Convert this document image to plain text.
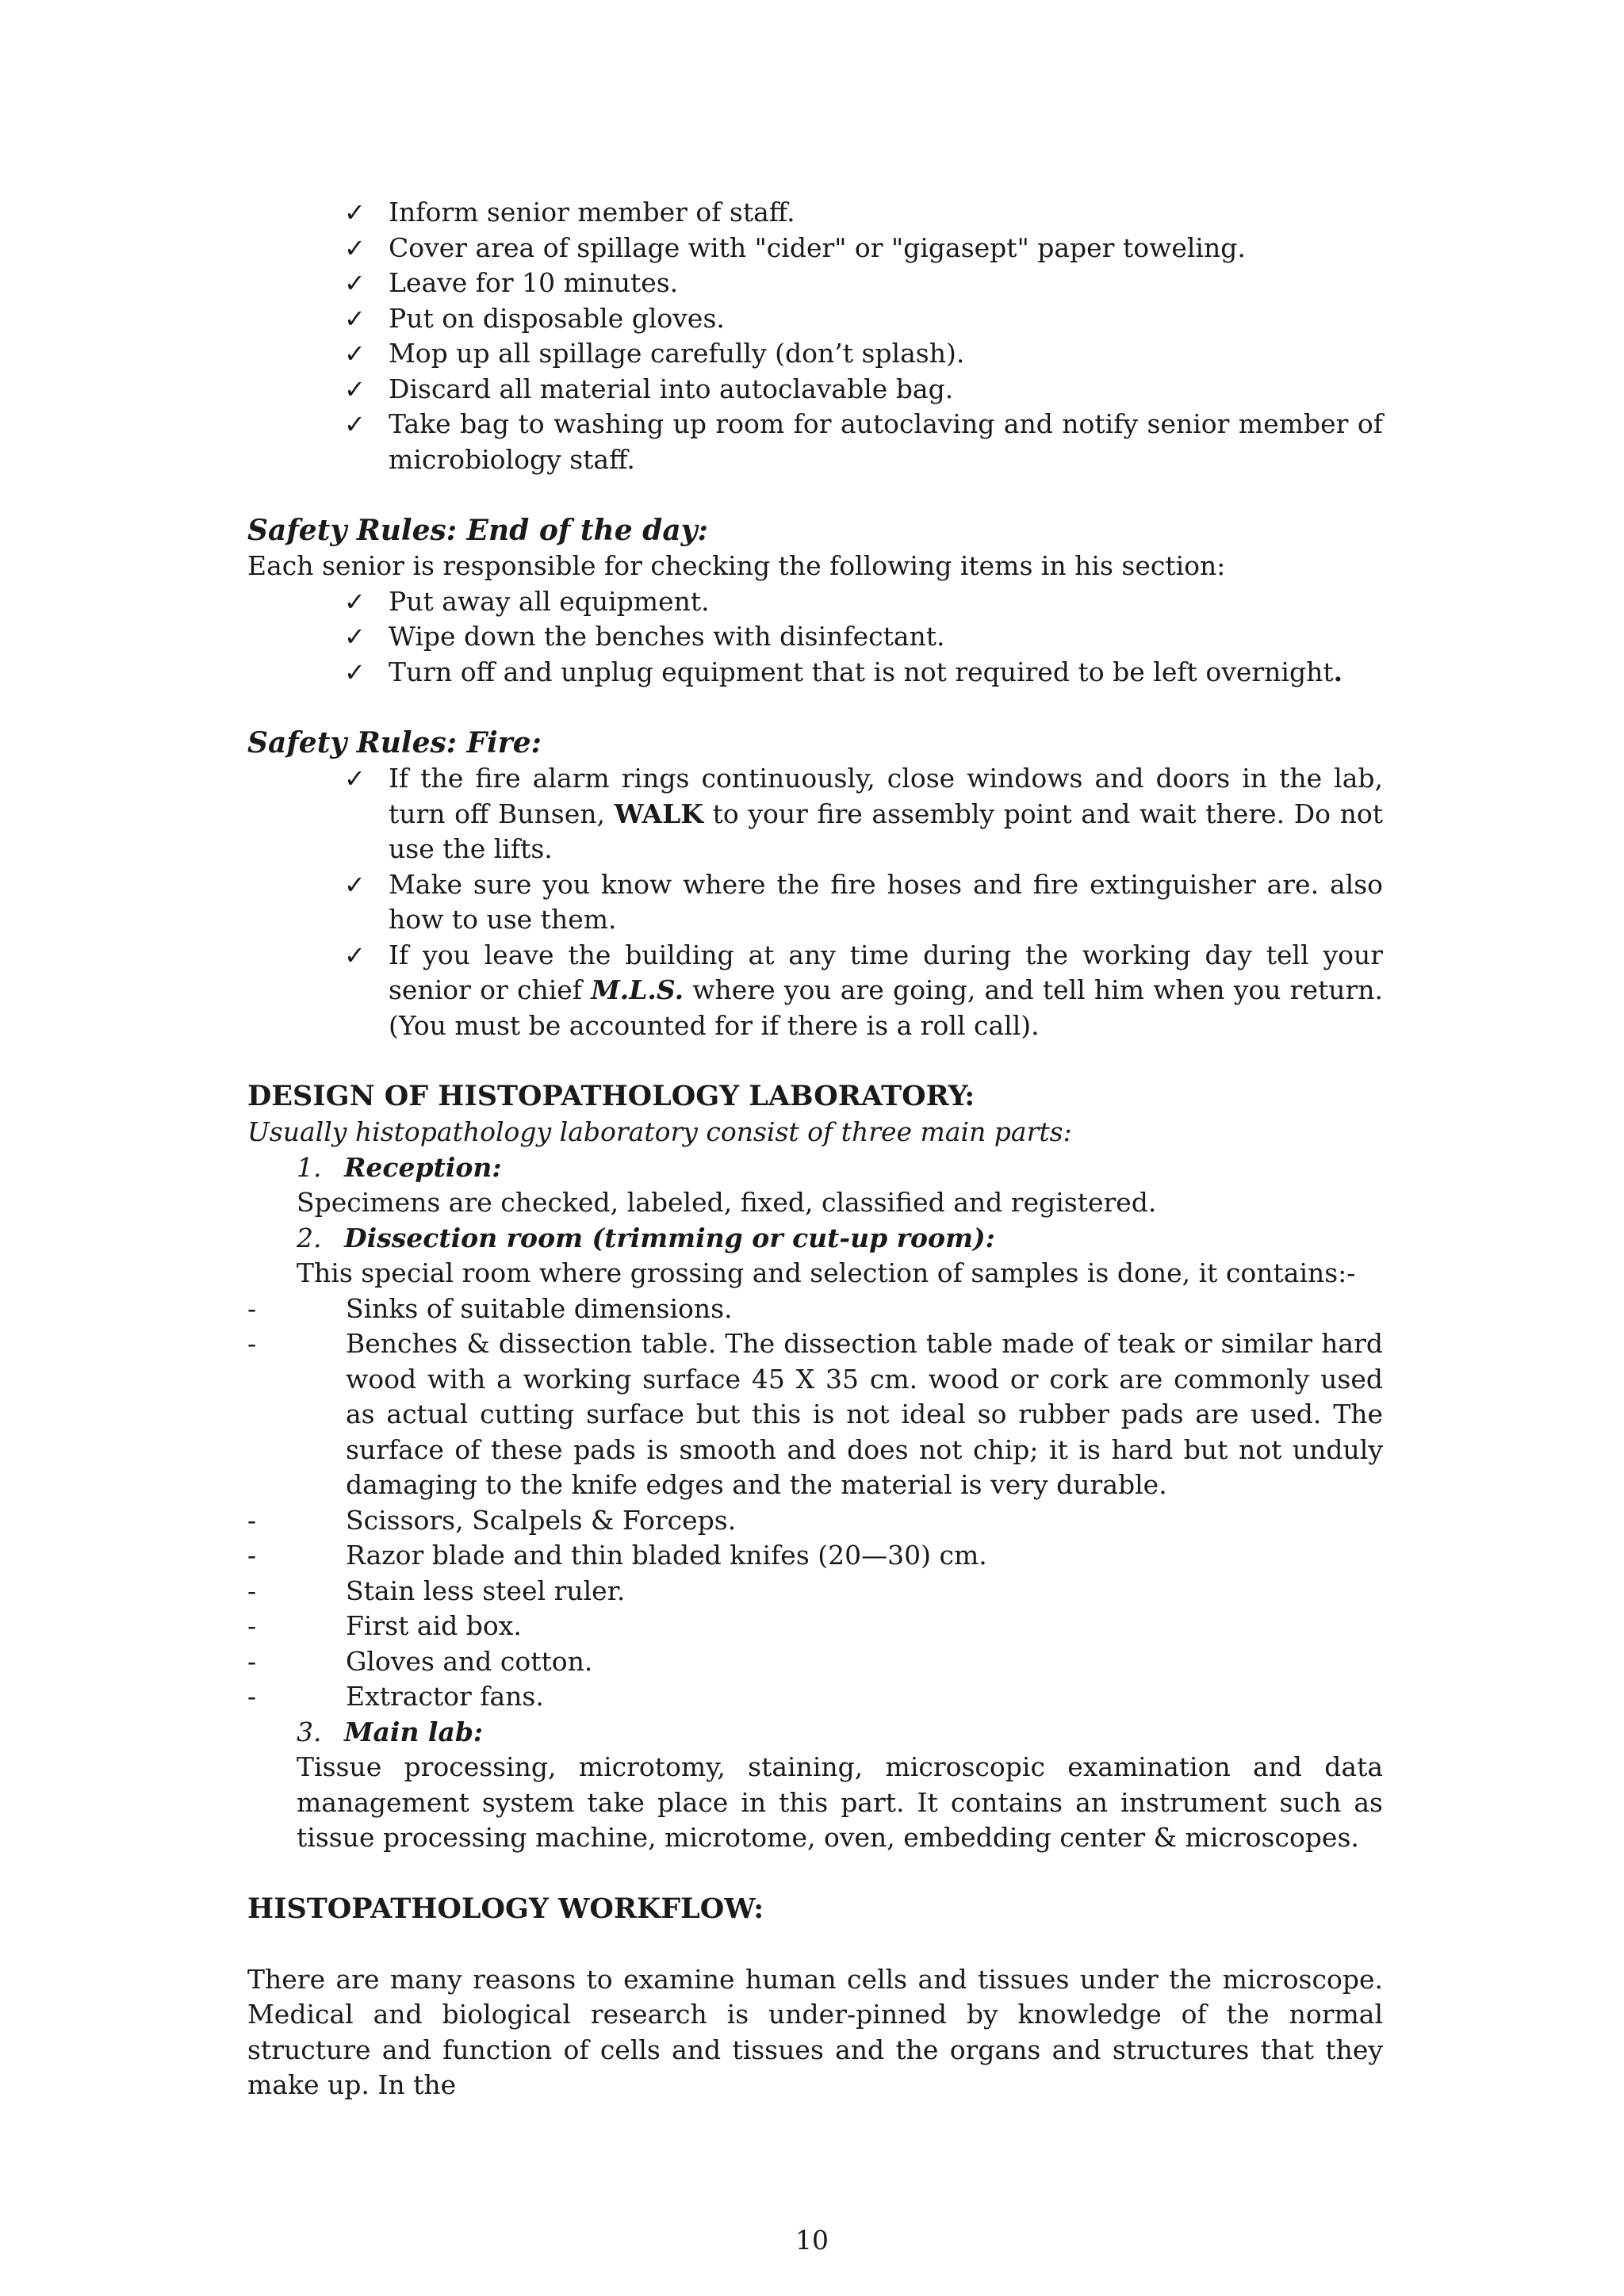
✓ Inform senior member of staff.
✓ Cover area of spillage with "cider" or "gigasept" paper toweling.
✓ Leave for 10 minutes.
✓ Put on disposable gloves.
✓ Mop up all spillage carefully (don’t splash).
✓ Discard all material into autoclavable bag.
✓ Take bag to washing up room for autoclaving and notify senior member of microbiology staff.
Safety Rules: End of the day:
Each senior is responsible for checking the following items in his section:
✓ Put away all equipment.
✓ Wipe down the benches with disinfectant.
✓ Turn off and unplug equipment that is not required to be left overnight.
Safety Rules: Fire:
✓ If the fire alarm rings continuously, close windows and doors in the lab, turn off Bunsen, WALK to your fire assembly point and wait there. Do not use the lifts.
✓ Make sure you know where the fire hoses and fire extinguisher are. also how to use them.
✓ If you leave the building at any time during the working day tell your senior or chief M.L.S. where you are going, and tell him when you return. (You must be accounted for if there is a roll call).
DESIGN OF HISTOPATHOLOGY LABORATORY:
Usually histopathology laboratory consist of three main parts:
1. Reception:
Specimens are checked, labeled, fixed, classified and registered.
2. Dissection room (trimming or cut-up room):
This special room where grossing and selection of samples is done, it contains:-
-	Sinks of suitable dimensions.
-	Benches & dissection table. The dissection table made of teak or similar hard wood with a working surface 45 X 35 cm. wood or cork are commonly used as actual cutting surface but this is not ideal so rubber pads are used. The surface of these pads is smooth and does not chip; it is hard but not unduly damaging to the knife edges and the material is very durable.
-	Scissors, Scalpels & Forceps.
-	Razor blade and thin bladed knifes (20—30) cm.
-	Stain less steel ruler.
-	First aid box.
-	Gloves and cotton.
-	Extractor fans.
3. Main lab:
Tissue processing, microtomy, staining, microscopic examination and data management system take place in this part. It contains an instrument such as tissue processing machine, microtome, oven, embedding center & microscopes.
HISTOPATHOLOGY WORKFLOW:
There are many reasons to examine human cells and tissues under the microscope. Medical and biological research is under-pinned by knowledge of the normal structure and function of cells and tissues and the organs and structures that they make up. In the
10
